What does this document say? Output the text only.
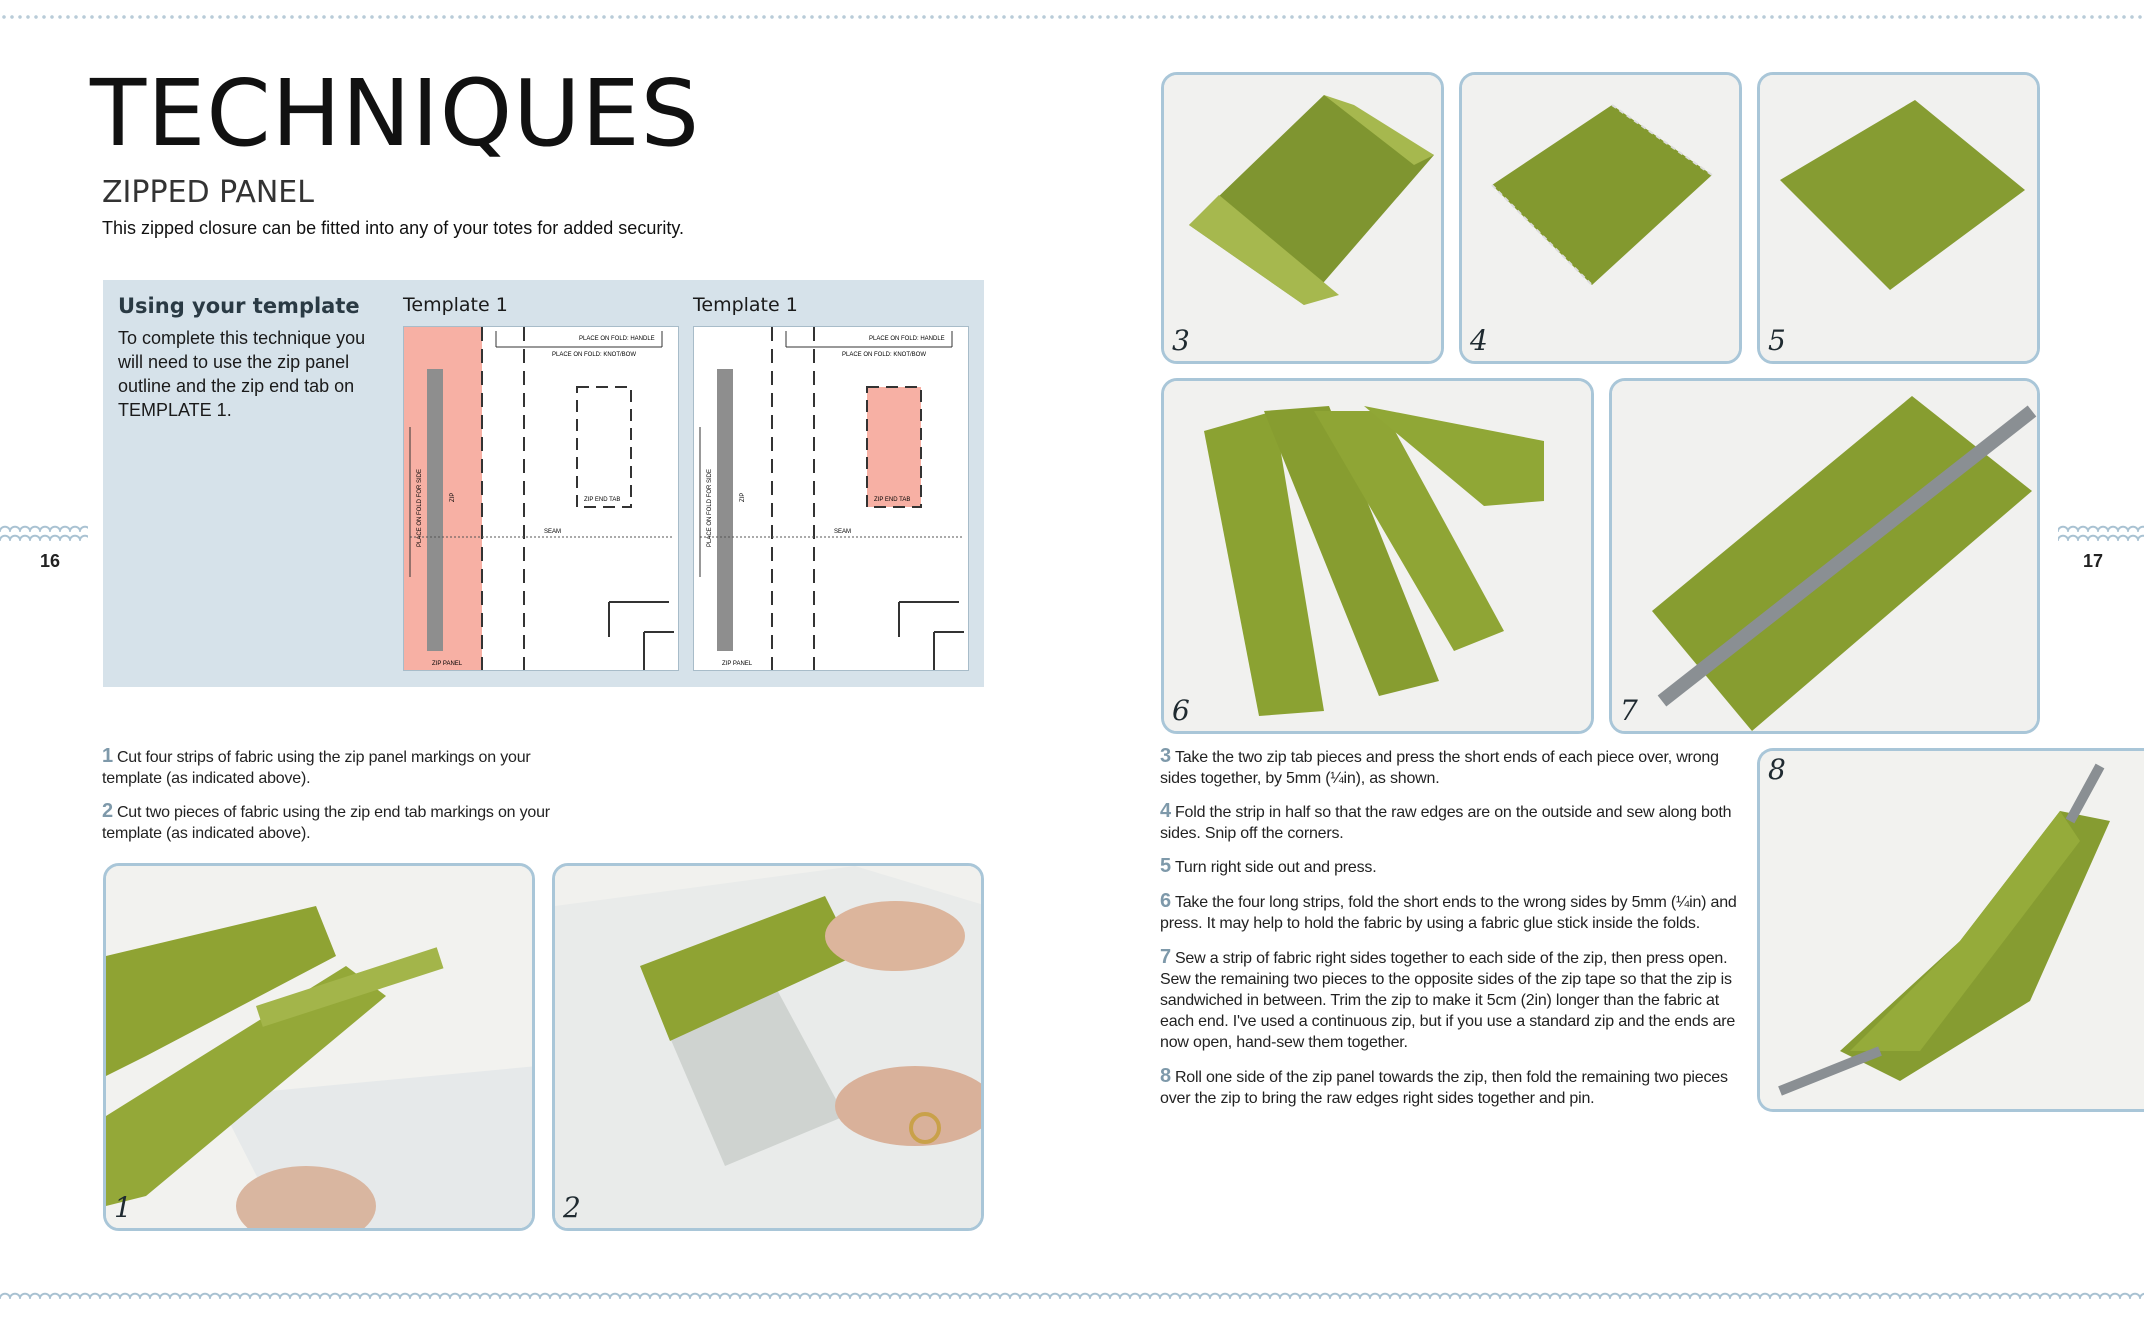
16	17
TECHNIQUES
ZIPPED PANEL
This zipped closure can be fitted into any of your totes for added security.
Using your template
To complete this technique you will need to use the zip panel outline and the zip end tab on TEMPLATE 1.
Template 1
PLACE ON FOLD: HANDLE
PLACE ON FOLD: KNOT/BOW
ZIP END TAB
SEAM
ZIP PANEL
PLACE ON FOLD FOR SIDE	ZIP
Template 1
PLACE ON FOLD: HANDLE
PLACE ON FOLD: KNOT/BOW
ZIP END TAB
SEAM
ZIP PANEL
PLACE ON FOLD FOR SIDE	ZIP
1 Cut four strips of fabric using the zip panel markings on your template (as indicated above).
2 Cut two pieces of fabric using the zip end tab markings on your template (as indicated above).
1	2
3	4	5
6	7
3 Take the two zip tab pieces and press the short ends of each piece over, wrong sides together, by 5mm (¼in), as shown.
4 Fold the strip in half so that the raw edges are on the outside and sew along both sides. Snip off the corners.
5 Turn right side out and press.
6 Take the four long strips, fold the short ends to the wrong sides by 5mm (¼in) and press. It may help to hold the fabric by using a fabric glue stick inside the folds.
7 Sew a strip of fabric right sides together to each side of the zip, then press open. Sew the remaining two pieces to the opposite sides of the zip tape so that the zip is sandwiched in between. Trim the zip to make it 5cm (2in) longer than the fabric at each end. I've used a continuous zip, but if you use a standard zip and the ends are now open, hand-sew them together.
8 Roll one side of the zip panel towards the zip, then fold the remaining two pieces over the zip to bring the raw edges right sides together and pin.
8
